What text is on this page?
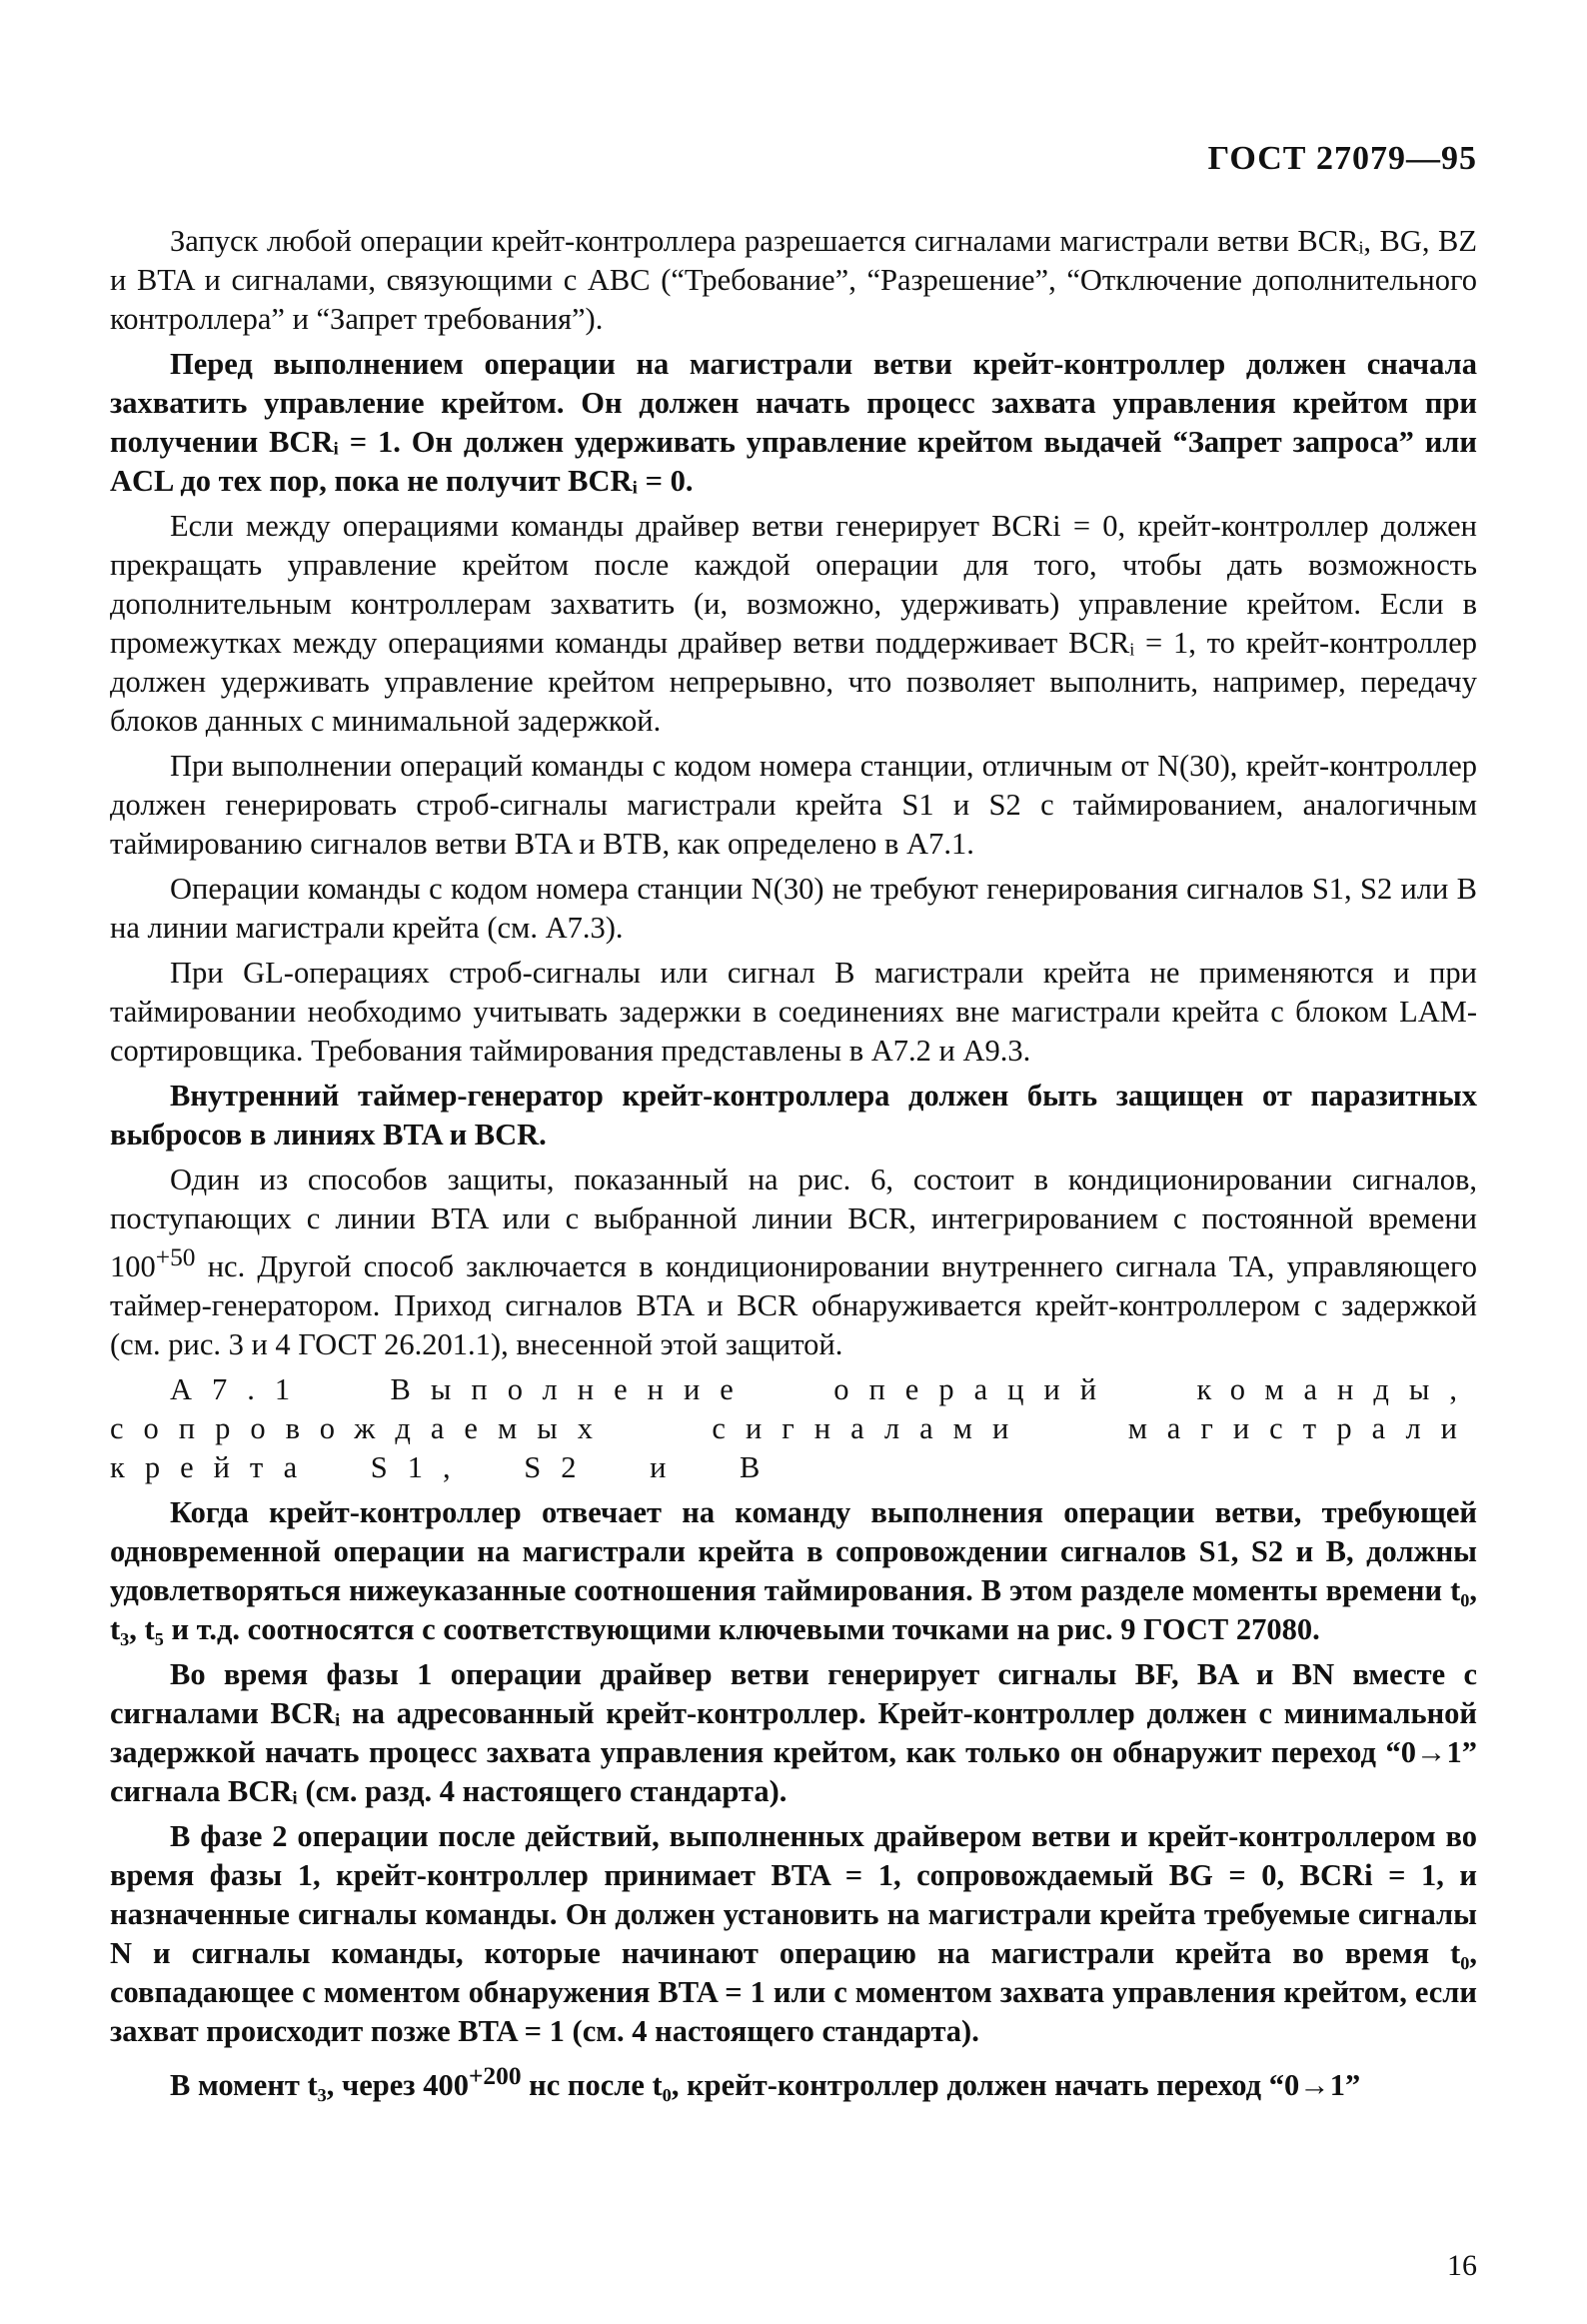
ГОСТ 27079—95

Запуск любой операции крейт-контроллера разрешается сигналами магистрали ветви BCRᵢ, BG, BZ и BTA и сигналами, связующими с ABC (“Требование”, “Разрешение”, “Отключение дополнительного контроллера” и “Запрет требования”).

Перед выполнением операции на магистрали ветви крейт-контроллер должен сначала захватить управление крейтом. Он должен начать процесс захвата управления крейтом при получении BCRᵢ = 1. Он должен удерживать управление крейтом выдачей “Запрет запроса” или ACL до тех пор, пока не получит BCRᵢ = 0.

Если между операциями команды драйвер ветви генерирует BCRi = 0, крейт-контроллер должен прекращать управление крейтом после каждой операции для того, чтобы дать возможность дополнительным контроллерам захватить (и, возможно, удерживать) управление крейтом. Если в промежутках между операциями команды драйвер ветви поддерживает BCRᵢ = 1, то крейт-контроллер должен удерживать управление крейтом непрерывно, что позволяет выполнить, например, передачу блоков данных с минимальной задержкой.

При выполнении операций команды с кодом номера станции, отличным от N(30), крейт-контроллер должен генерировать строб-сигналы магистрали крейта S1 и S2 с таймированием, аналогичным таймированию сигналов ветви BTA и BTB, как определено в A7.1.

Операции команды с кодом номера станции N(30) не требуют генерирования сигналов S1, S2 или B на линии магистрали крейта (см. A7.3).

При GL-операциях строб-сигналы или сигнал B магистрали крейта не применяются и при таймировании необходимо учитывать задержки в соединениях вне магистрали крейта с блоком LAM-сортировщика. Требования таймирования представлены в A7.2 и A9.3.

Внутренний таймер-генератор крейт-контроллера должен быть защищен от паразитных выбросов в линиях BTA и BCR.

Один из способов защиты, показанный на рис. 6, состоит в кондиционировании сигналов, поступающих с линии BTA или с выбранной линии BCR, интегрированием с постоянной времени $100^{+50}$ нс. Другой способ заключается в кондиционировании внутреннего сигнала TA, управляющего таймер-генератором. Приход сигналов BTA и BCR обнаруживается крейт-контроллером с задержкой (см. рис. 3 и 4 ГОСТ 26.201.1), внесенной этой защитой.

A7.1 Выполнение операций команды, сопровождаемых сигналами магистрали крейта S1, S2 и B

Когда крейт-контроллер отвечает на команду выполнения операции ветви, требующей одновременной операции на магистрали крейта в сопровождении сигналов S1, S2 и B, должны удовлетворяться нижеуказанные соотношения таймирования. В этом разделе моменты времени t₀, t₃, t₅ и т.д. соотносятся с соответствующими ключевыми точками на рис. 9 ГОСТ 27080.

Во время фазы 1 операции драйвер ветви генерирует сигналы BF, BA и BN вместе с сигналами BCRᵢ на адресованный крейт-контроллер. Крейт-контроллер должен с минимальной задержкой начать процесс захвата управления крейтом, как только он обнаружит переход “0→1” сигнала BCRᵢ (см. разд. 4 настоящего стандарта).

В фазе 2 операции после действий, выполненных драйвером ветви и крейт-контроллером во время фазы 1, крейт-контроллер принимает BTA = 1, сопровождаемый BG = 0, BCRi = 1, и назначенные сигналы команды. Он должен установить на магистрали крейта требуемые сигналы N и сигналы команды, которые начинают операцию на магистрали крейта во время t₀, совпадающее с моментом обнаружения BTA = 1 или с моментом захвата управления крейтом, если захват происходит позже BTA = 1 (см. 4 настоящего стандарта).

В момент t₃, через $400^{+200}$ нс после t₀, крейт-контроллер должен начать переход “0→1”

16
